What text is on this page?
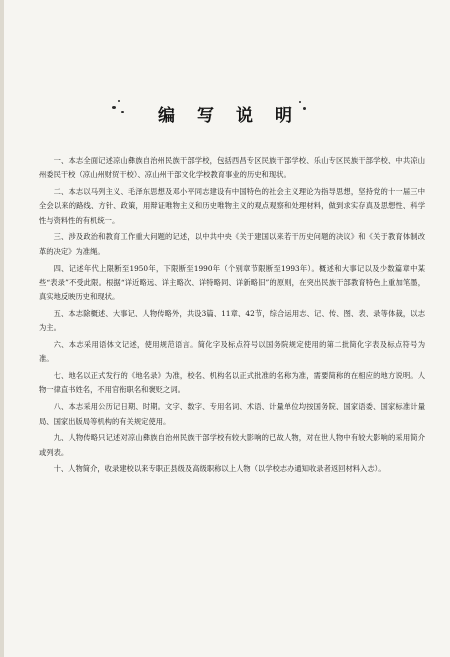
编写说明

一、本志全面记述凉山彝族自治州民族干部学校，包括西昌专区民族干部学校、乐山专区民族干部学校、中共凉山州委民干校（凉山州财贸干校）、凉山州干部文化学校教育事业的历史和现状。

二、本志以马列主义、毛泽东思想及邓小平同志建设有中国特色的社会主义理论为指导思想，坚持党的十一届三中全会以来的路线、方针、政策，用辩证唯物主义和历史唯物主义的观点观察和处理材料，做到求实存真及思想性、科学性与资料性的有机统一。

三、涉及政治和教育工作重大问题的记述，以中共中央《关于建国以来若干历史问题的决议》和《关于教育体制改革的决定》为准绳。

四、记述年代上限断至1950年，下限断至1990年（个别章节限断至1993年）。概述和大事记以及少数篇章中某些“表录”不受此限。根据“详近略远、详主略次、详特略同、详新略旧”的原则，在突出民族干部教育特色上重加笔墨，真实地反映历史和现状。

五、本志除概述、大事记、人物传略外，共设3篇、11章、42节，综合运用志、记、传、图、表、录等体裁，以志为主。

六、本志采用语体文记述，使用规范语言。简化字及标点符号以国务院规定使用的第二批简化字表及标点符号为准。

七、地名以正式发行的《地名录》为准，校名、机构名以正式批准的名称为准，需要简称的在相应的地方说明。人物一律直书姓名，不用官衔职名和褒贬之词。

八、本志采用公历记日期、时期。文字、数字、专用名词、术语、计量单位均按国务院、国家语委、国家标准计量局、国家出版局等机构的有关规定使用。

九、人物传略只记述对凉山彝族自治州民族干部学校有较大影响的已故人物，对在世人物中有较大影响的采用简介或列表。

十、人物简介，收录建校以来专职正县级及高级职称以上人物（以学校志办通知收录者返回材料入志）。
